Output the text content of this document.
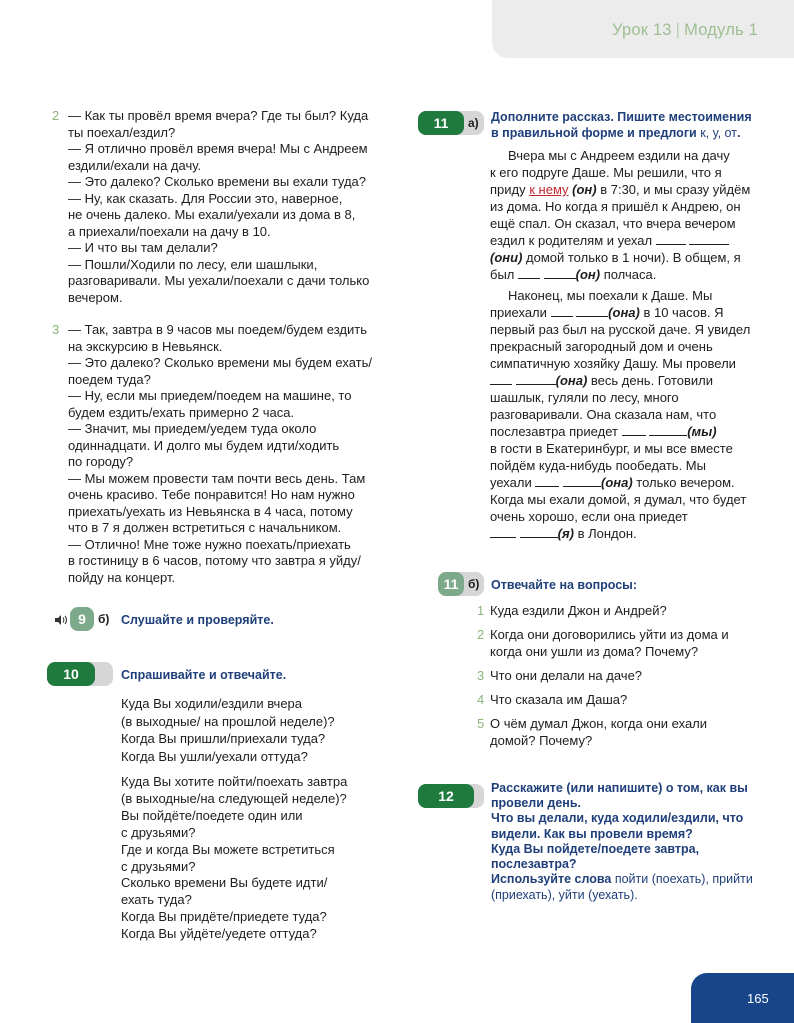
Урок 13 | Модуль 1
2 — Как ты провёл время вчера? Где ты был? Куда
ты поехал/ездил?
— Я отлично провёл время вчера! Мы с Андреем
ездили/ехали на дачу.
— Это далеко? Сколько времени вы ехали туда?
— Ну, как сказать. Для России это, наверное,
не очень далеко. Мы ехали/уехали из дома в 8,
а приехали/поехали на дачу в 10.
— И что вы там делали?
— Пошли/Ходили по лесу, ели шашлыки,
разговаривали. Мы уехали/поехали с дачи только
вечером.
3 — Так, завтра в 9 часов мы поедем/будем ездить
на экскурсию в Невьянск.
— Это далеко? Сколько времени мы будем ехать/
поедем туда?
— Ну, если мы приедем/поедем на машине, то
будем ездить/ехать примерно 2 часа.
— Значит, мы приедем/уедем туда около
одиннадцати. И долго мы будем идти/ходить
по городу?
— Мы можем провести там почти весь день. Там
очень красиво. Тебе понравится! Но нам нужно
приехать/уехать из Невьянска в 4 часа, потому
что в 7 я должен встретиться с начальником.
— Отлично! Мне тоже нужно поехать/приехать
в гостиницу в 6 часов, потому что завтра я уйду/
пойду на концерт.
9	б) Слушайте и проверяйте.
10	Спрашивайте и отвечайте.
Куда Вы ходили/ездили вчера
(в выходные/ на прошлой неделе)?
Когда Вы пришли/приехали туда?
Когда Вы ушли/уехали оттуда?
Куда Вы хотите пойти/поехать завтра
(в выходные/на следующей неделе)?
Вы пойдёте/поедете один или
с друзьями?
Где и когда Вы можете встретиться
с друзьями?
Сколько времени Вы будете идти/
ехать туда?
Когда Вы придёте/приедете туда?
Когда Вы уйдёте/уедете оттуда?
11	а) Дополните рассказ. Пишите местоимения
в правильной форме и предлоги к, у, от.
Вчера мы с Андреем ездили на дачу
к его подруге Даше. Мы решили, что я
приду к нему (он) в 7:30, и мы сразу уйдём
из дома. Но когда я пришёл к Андрею, он
ещё спал. Он сказал, что вчера вечером
ездил к родителям и уехал
(они) домой только в 1 ночи). В общем, я
был	(он) полчаса.
Наконец, мы поехали к Даше. Мы
приехали	(она) в 10 часов. Я
первый раз был на русской даче. Я увидел
прекрасный загородный дом и очень
симпатичную хозяйку Дашу. Мы провели
(она) весь день. Готовили
шашлык, гуляли по лесу, много
разговаривали. Она сказала нам, что
послезавтра приедет	(мы)
в гости в Екатеринбург, и мы все вместе
пойдём куда-нибудь пообедать. Мы
уехали	(она) только вечером.
Когда мы ехали домой, я думал, что будет
очень хорошо, если она приедет
(я) в Лондон.
11 б) Отвечайте на вопросы:
1 Куда ездили Джон и Андрей?
2 Когда они договорились уйти из дома и
когда они ушли из дома? Почему?
3 Что они делали на даче?
4 Что сказала им Даша?
5 О чём думал Джон, когда они ехали
домой? Почему?
12	Расскажите (или напишите) о том, как вы
провели день.
Что вы делали, куда ходили/ездили, что
видели. Как вы провели время?
Куда Вы пойдете/поедете завтра,
послезавтра?
Используйте слова пойти (поехать), прийти
(приехать), уйти (уехать).
165
